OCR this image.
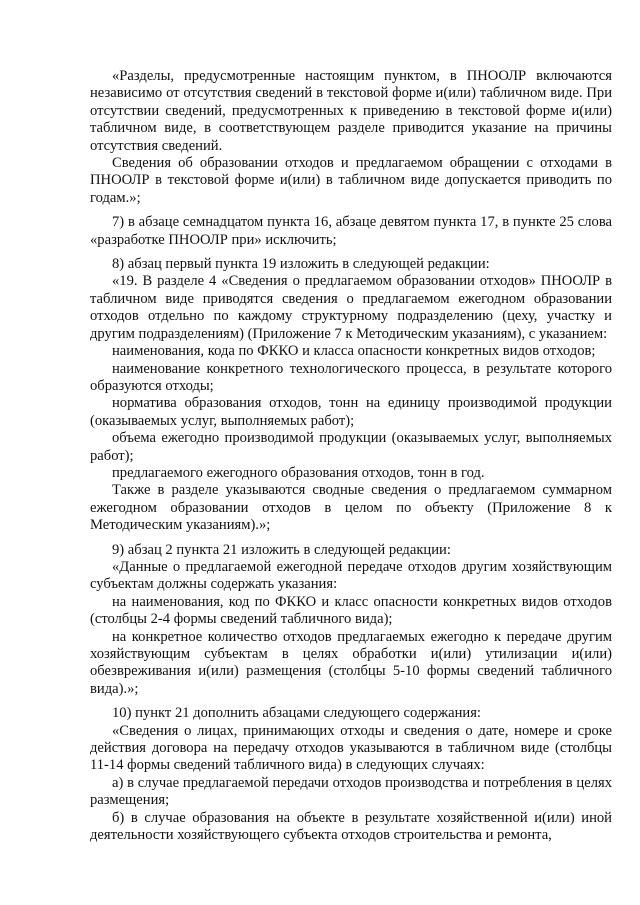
«Разделы, предусмотренные настоящим пунктом, в ПНООЛР включаются независимо от отсутствия сведений в текстовой форме и(или) табличном виде. При отсутствии сведений, предусмотренных к приведению в текстовой форме и(или) табличном виде, в соответствующем разделе приводится указание на причины отсутствия сведений.

Сведения об образовании отходов и предлагаемом обращении с отходами в ПНООЛР в текстовой форме и(или) в табличном виде допускается приводить по годам.»;

7) в абзаце семнадцатом пункта 16, абзаце девятом пункта 17, в пункте 25 слова «разработке ПНООЛР при» исключить;

8) абзац первый пункта 19 изложить в следующей редакции:

«19. В разделе 4 «Сведения о предлагаемом образовании отходов» ПНООЛР в табличном виде приводятся сведения о предлагаемом ежегодном образовании отходов отдельно по каждому структурному подразделению (цеху, участку и другим подразделениям) (Приложение 7 к Методическим указаниям), с указанием:

наименования, кода по ФККО и класса опасности конкретных видов отходов;

наименование конкретного технологического процесса, в результате которого образуются отходы;

норматива образования отходов, тонн на единицу производимой продукции (оказываемых услуг, выполняемых работ);

объема ежегодно производимой продукции (оказываемых услуг, выполняемых работ);

предлагаемого ежегодного образования отходов, тонн в год.

Также в разделе указываются сводные сведения о предлагаемом суммарном ежегодном образовании отходов в целом по объекту (Приложение 8 к Методическим указаниям).»;

9) абзац 2 пункта 21 изложить в следующей редакции:

«Данные о предлагаемой ежегодной передаче отходов другим хозяйствующим субъектам должны содержать указания:

на наименования, код по ФККО и класс опасности конкретных видов отходов (столбцы 2-4 формы сведений табличного вида);

на конкретное количество отходов предлагаемых ежегодно к передаче другим хозяйствующим субъектам в целях обработки и(или) утилизации и(или) обезвреживания и(или) размещения (столбцы 5-10 формы сведений табличного вида).»;

10) пункт 21 дополнить абзацами следующего содержания:

«Сведения о лицах, принимающих отходы и сведения о дате, номере и сроке действия договора на передачу отходов указываются в табличном виде (столбцы 11-14 формы сведений табличного вида) в следующих случаях:

а) в случае предлагаемой передачи отходов производства и потребления в целях размещения;

б) в случае образования на объекте в результате хозяйственной и(или) иной деятельности хозяйствующего субъекта отходов строительства и ремонта,
